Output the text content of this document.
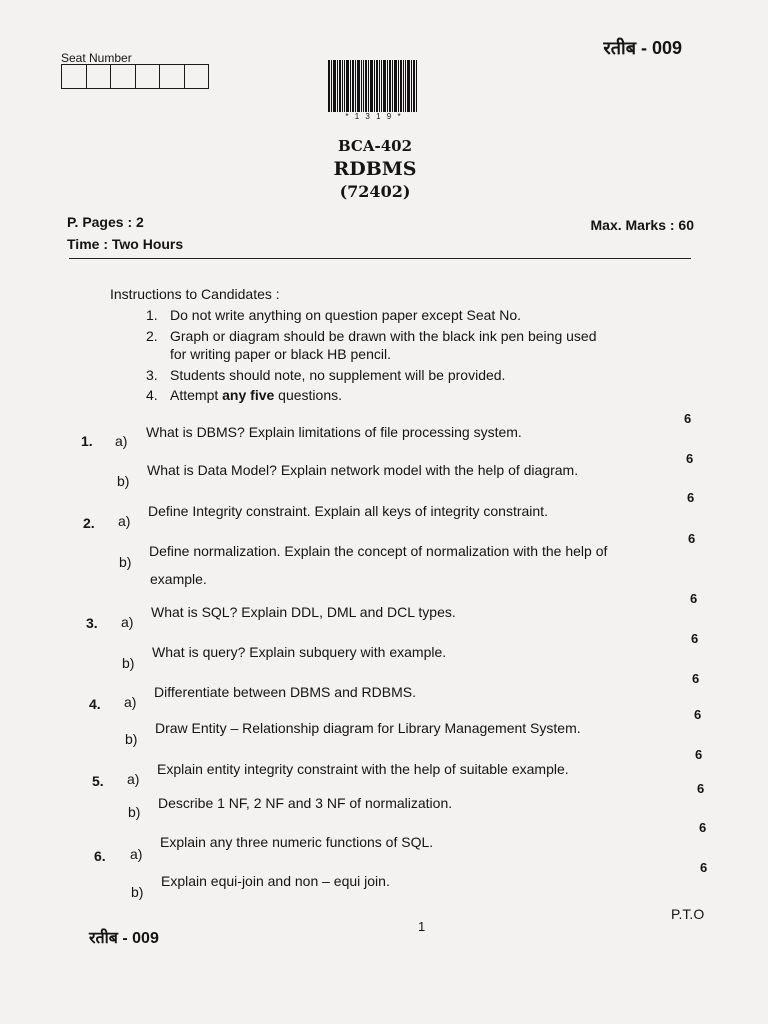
Seat Number	रतीब - 009
* 1 3 1 9 *
BCA-402
RDBMS
(72402)
P. Pages : 2
Time : Two Hours
Max. Marks : 60
Instructions to Candidates :
1. Do not write anything on question paper except Seat No.
2. Graph or diagram should be drawn with the black ink pen being used
for writing paper or black HB pencil.
3. Students should note, no supplement will be provided.
4. Attempt any five questions.
1. a)
What is DBMS? Explain limitations of file processing system.
6
b)
What is Data Model? Explain network model with the help of diagram.
6
2. a)
Define Integrity constraint. Explain all keys of integrity constraint.
6
b)
Define normalization. Explain the concept of normalization with the help of
example.
6
3. a)
What is SQL? Explain DDL, DML and DCL types.
6
b)
What is query? Explain subquery with example.
6
4. a)
Differentiate between DBMS and RDBMS.
6
b)
Draw Entity – Relationship diagram for Library Management System.
6
5. a)
Explain entity integrity constraint with the help of suitable example.
6
b)
Describe 1 NF, 2 NF and 3 NF of normalization.
6
6. a)
Explain any three numeric functions of SQL.
6
b)
Explain equi-join and non – equi join.
6
P.T.O
1
रतीब - 009
